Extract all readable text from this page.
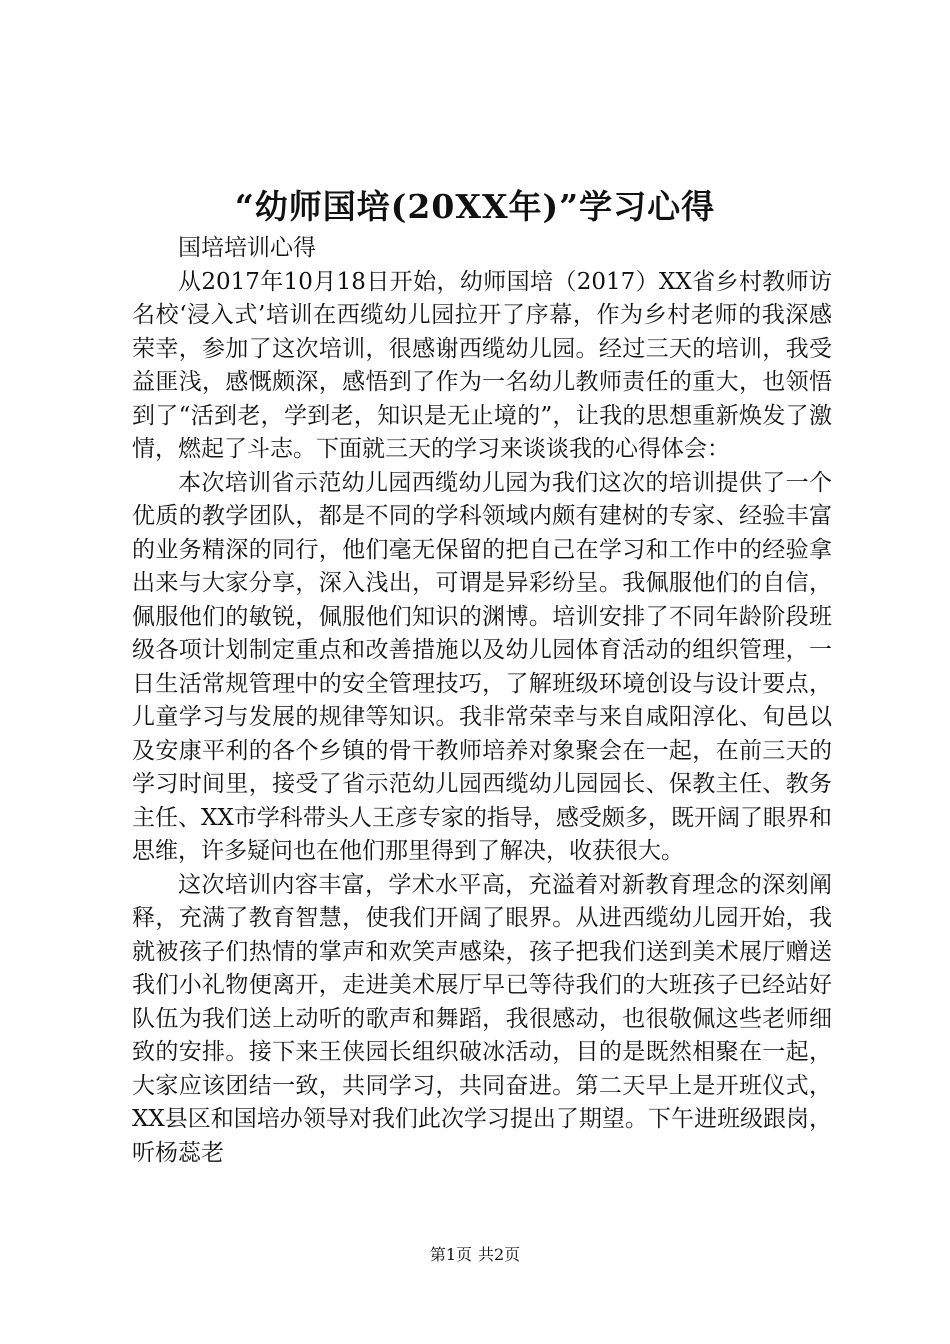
“幼师国培(20XX年)”学习心得

国培培训心得

从2017年10月18日开始，幼师国培（2017）XX省乡村教师访名校‘浸入式’培训在西缆幼儿园拉开了序幕，作为乡村老师的我深感荣幸，参加了这次培训，很感谢西缆幼儿园。经过三天的培训，我受益匪浅，感慨颇深，感悟到了作为一名幼儿教师责任的重大，也领悟到了“活到老，学到老，知识是无止境的”，让我的思想重新焕发了激情，燃起了斗志。下面就三天的学习来谈谈我的心得体会：

本次培训省示范幼儿园西缆幼儿园为我们这次的培训提供了一个优质的教学团队，都是不同的学科领域内颇有建树的专家、经验丰富的业务精深的同行，他们毫无保留的把自己在学习和工作中的经验拿出来与大家分享，深入浅出，可谓是异彩纷呈。我佩服他们的自信，佩服他们的敏锐，佩服他们知识的渊博。培训安排了不同年龄阶段班级各项计划制定重点和改善措施以及幼儿园体育活动的组织管理，一日生活常规管理中的安全管理技巧，了解班级环境创设与设计要点，儿童学习与发展的规律等知识。我非常荣幸与来自咸阳淳化、旬邑以及安康平利的各个乡镇的骨干教师培养对象聚会在一起，在前三天的学习时间里，接受了省示范幼儿园西缆幼儿园园长、保教主任、教务主任、XX市学科带头人王彦专家的指导，感受颇多，既开阔了眼界和思维，许多疑问也在他们那里得到了解决，收获很大。

这次培训内容丰富，学术水平高，充溢着对新教育理念的深刻阐释，充满了教育智慧，使我们开阔了眼界。从进西缆幼儿园开始，我就被孩子们热情的掌声和欢笑声感染，孩子把我们送到美术展厅赠送我们小礼物便离开，走进美术展厅早已等待我们的大班孩子已经站好队伍为我们送上动听的歌声和舞蹈，我很感动，也很敬佩这些老师细致的安排。接下来王侠园长组织破冰活动，目的是既然相聚在一起，大家应该团结一致，共同学习，共同奋进。第二天早上是开班仪式，XX县区和国培办领导对我们此次学习提出了期望。下午进班级跟岗，听杨蕊老

第1页 共2页
